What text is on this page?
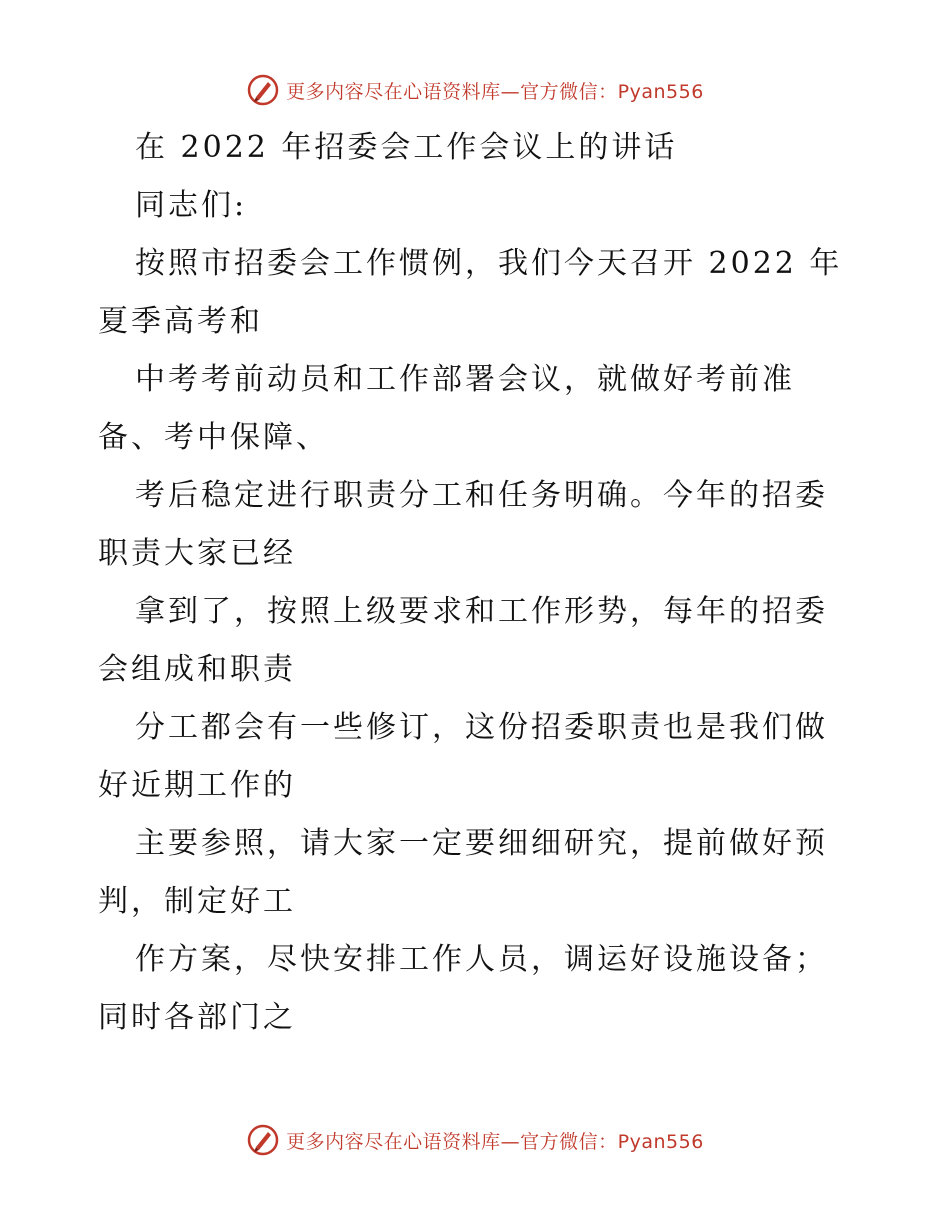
更多内容尽在心语资料库—官方微信：Pyan556
在 2022 年招委会工作会议上的讲话
同志们:
按照市招委会工作惯例，我们今天召开 2022 年
夏季高考和
中考考前动员和工作部署会议，就做好考前准
备、考中保障、
考后稳定进行职责分工和任务明确。今年的招委
职责大家已经
拿到了，按照上级要求和工作形势，每年的招委
会组成和职责
分工都会有一些修订，这份招委职责也是我们做
好近期工作的
主要参照，请大家一定要细细研究，提前做好预
判，制定好工
作方案，尽快安排工作人员，调运好设施设备；
同时各部门之
更多内容尽在心语资料库—官方微信：Pyan556
